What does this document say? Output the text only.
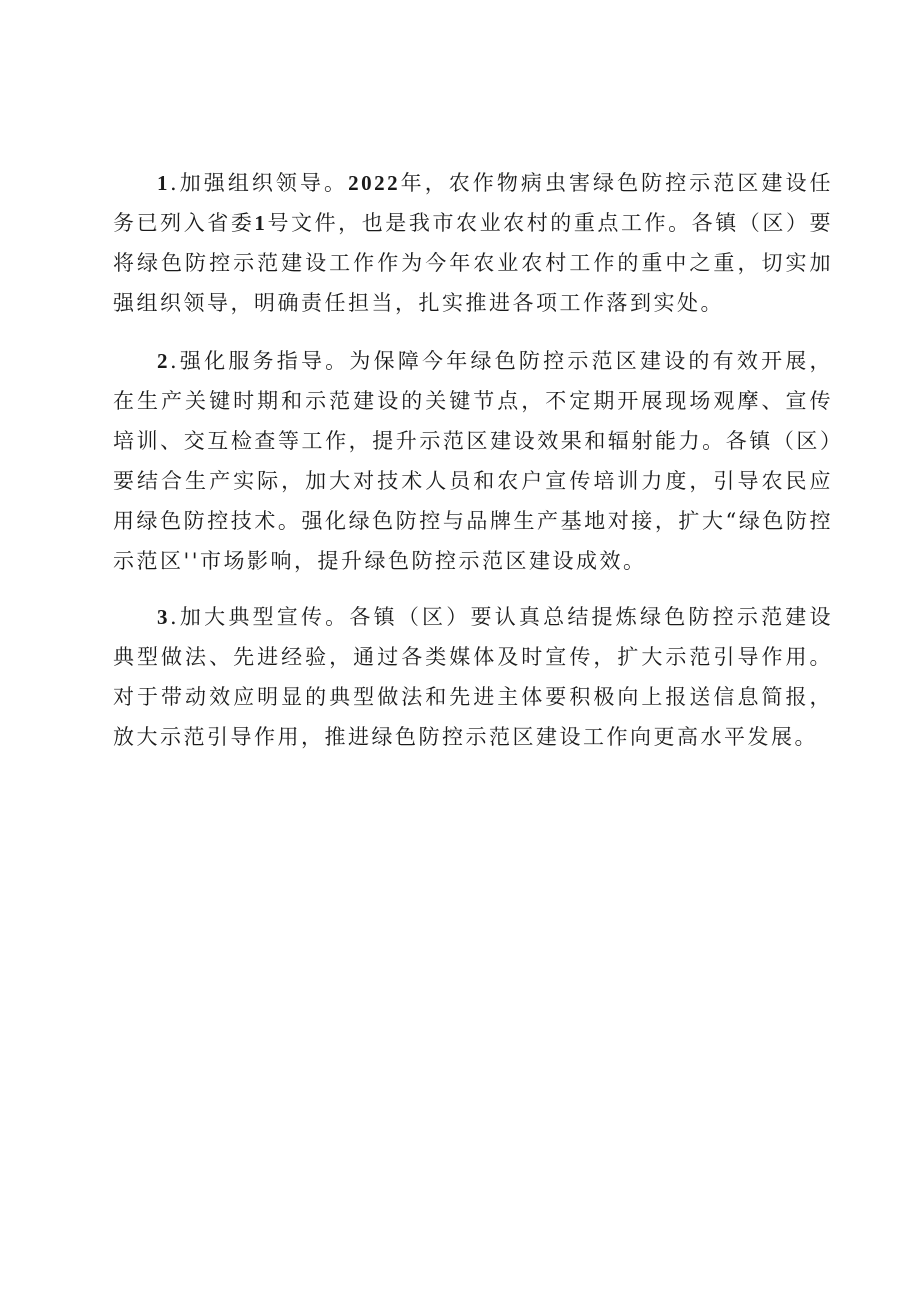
1.加强组织领导。2022年，农作物病虫害绿色防控示范区建设任务已列入省委1号文件，也是我市农业农村的重点工作。各镇（区）要将绿色防控示范建设工作作为今年农业农村工作的重中之重，切实加强组织领导，明确责任担当，扎实推进各项工作落到实处。

2.强化服务指导。为保障今年绿色防控示范区建设的有效开展，在生产关键时期和示范建设的关键节点，不定期开展现场观摩、宣传培训、交互检查等工作，提升示范区建设效果和辐射能力。各镇（区）要结合生产实际，加大对技术人员和农户宣传培训力度，引导农民应用绿色防控技术。强化绿色防控与品牌生产基地对接，扩大“绿色防控示范区''市场影响，提升绿色防控示范区建设成效。

3.加大典型宣传。各镇（区）要认真总结提炼绿色防控示范建设典型做法、先进经验，通过各类媒体及时宣传，扩大示范引导作用。对于带动效应明显的典型做法和先进主体要积极向上报送信息简报，放大示范引导作用，推进绿色防控示范区建设工作向更高水平发展。
